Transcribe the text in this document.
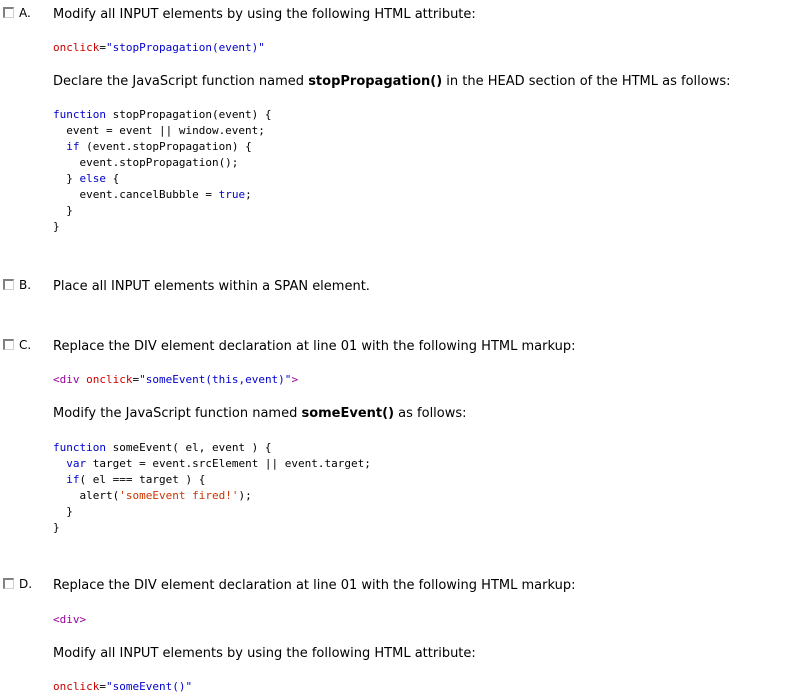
A. Modify all INPUT elements by using the following HTML attribute:
onclick="stopPropagation(event)"
Declare the JavaScript function named stopPropagation() in the HEAD section of the HTML as follows:
function stopPropagation(event) {
event = event || window.event;
if (event.stopPropagation) {
event.stopPropagation();
} else {
event.cancelBubble = true;
}
}
B. Place all INPUT elements within a SPAN element.
C. Replace the DIV element declaration at line 01 with the following HTML markup:
<div onclick="someEvent(this,event)">
Modify the JavaScript function named someEvent() as follows:
function someEvent( el, event ) {
var target = event.srcElement || event.target;
if( el === target ) {
alert('someEvent fired!');
}
}
D. Replace the DIV element declaration at line 01 with the following HTML markup:
<div>
Modify all INPUT elements by using the following HTML attribute:
onclick="someEvent()"
